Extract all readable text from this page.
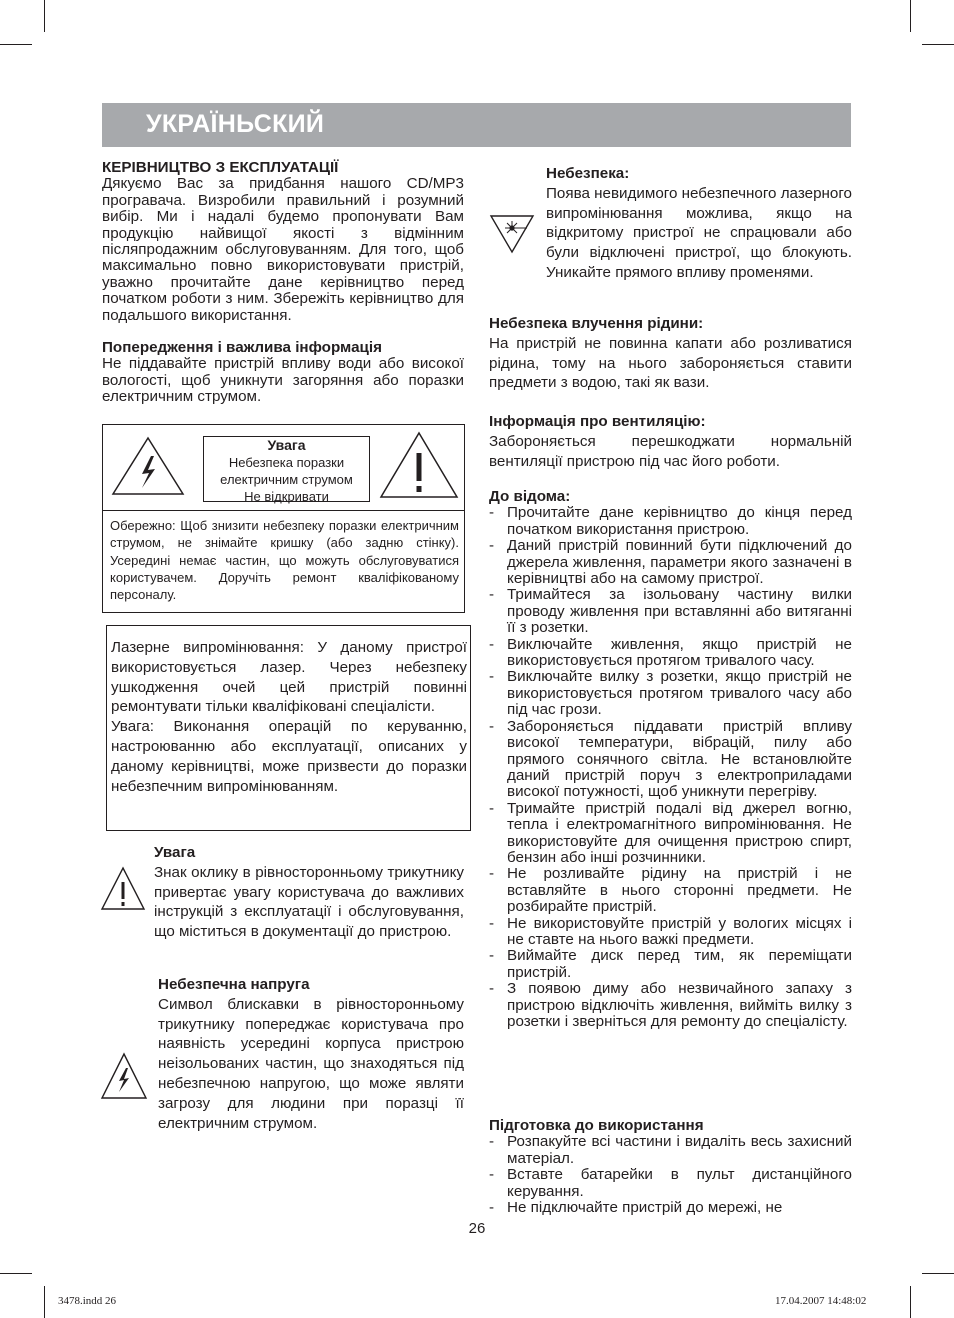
УКРАЇНЬСКИЙ
КЕРІВНИЦТВО З ЕКСПЛУАТАЦІЇ

Дякуємо Вас за придбання нашого CD/MP3 програвача. Визробили правильний і розумний вибір. Ми і надалі будемо пропонувати Вам продукцію найвищої якості з відмінним післяпродажним обслуговуванням. Для того, щоб максимально повно використовувати пристрій, уважно прочитайте дане керівництво перед початком роботи з ним. Збережіть керівництво для подальшого використання.

Попередження і важлива інформація

Не піддавайте пристрій впливу води або високої вологості, щоб уникнути загоряння або поразки електричним струмом.

Увага
Небезпека поразки
електричним струмом
Не відкривати

Обережно: Щоб знизити небезпеку поразки електричним струмом, не знімайте кришку (або задню стінку). Усередині немає частин, що можуть обслуговуватися користувачем. Доручіть ремонт кваліфікованому персоналу.

Лазерне випромінювання: У даному пристрої використовується лазер. Через небезпеку ушкодження очей цей пристрій повинні ремонтувати тільки кваліфіковані спеціалісти.

Увага: Виконання операцій по керуванню, настроюванню або експлуатації, описаних у даному керівництві, може призвести до поразки небезпечним випромінюванням.

Увага

Знак оклику в рівносторонньому трикутнику привертає увагу користувача до важливих інструкцій з експлуатації і обслуговування, що міститься в документації до пристрою.

Небезпечна напруга

Символ блискавки в рівносторонньому трикутнику попереджає користувача про наявність усередині корпуса пристрою неізольованих частин, що знаходяться під небезпечною напругою, що може являти загрозу для людини при поразці її електричним струмом.

Небезпека:

Поява невидимого небезпечного лазерного випромінювання можлива, якщо на відкритому пристрої не спрацювали або були відключені пристрої, що блокують. Уникайте прямого впливу променями.

Небезпека влучення рідини:

На пристрій не повинна капати або розливатися рідина, тому на нього забороняється ставити предмети з водою, такі як вази.

Інформація про вентиляцію:

Забороняється перешкоджати нормальній вентиляції пристрою під час його роботи.

До відома:
- Прочитайте дане керівництво до кінця перед початком використання пристрою.
- Даний пристрій повинний бути підключений до джерела живлення, параметри якого зазначені в керівництві або на самому пристрої.
- Тримайтеся за ізольовану частину вилки проводу живлення при вставлянні або витяганні її з розетки.
- Виключайте живлення, якщо пристрій не використовується протягом тривалого часу.
- Виключайте вилку з розетки, якщо пристрій не використовується протягом тривалого часу або під час грози.
- Забороняється піддавати пристрій впливу високої температури, вібрацій, пилу або прямого сонячного світла. Не встановлюйте даний пристрій поруч з електроприладами високої потужності, щоб уникнути перегріву.
- Тримайте пристрій подалі від джерел вогню, тепла і електромагнітного випромінювання. Не використовуйте для очищення пристрою спирт, бензин або інші розчинники.
- Не розливайте рідину на пристрій і не вставляйте в нього сторонні предмети. Не розбирайте пристрій.
- Не використовуйте пристрій у вологих місцях і не ставте на нього важкі предмети.
- Виймайте диск перед тим, як переміщати пристрій.
- З появою диму або незвичайного запаху з пристрою відключіть живлення, вийміть вилку з розетки і зверніться для ремонту до спеціалісту.
Підготовка до використання
- Розпакуйте всі частини і видаліть весь захисний матеріал.
- Вставте батарейки в пульт дистанційного керування.
- Не підключайте пристрій до мережі, не
26
3478.indd 26	17.04.2007 14:48:02
